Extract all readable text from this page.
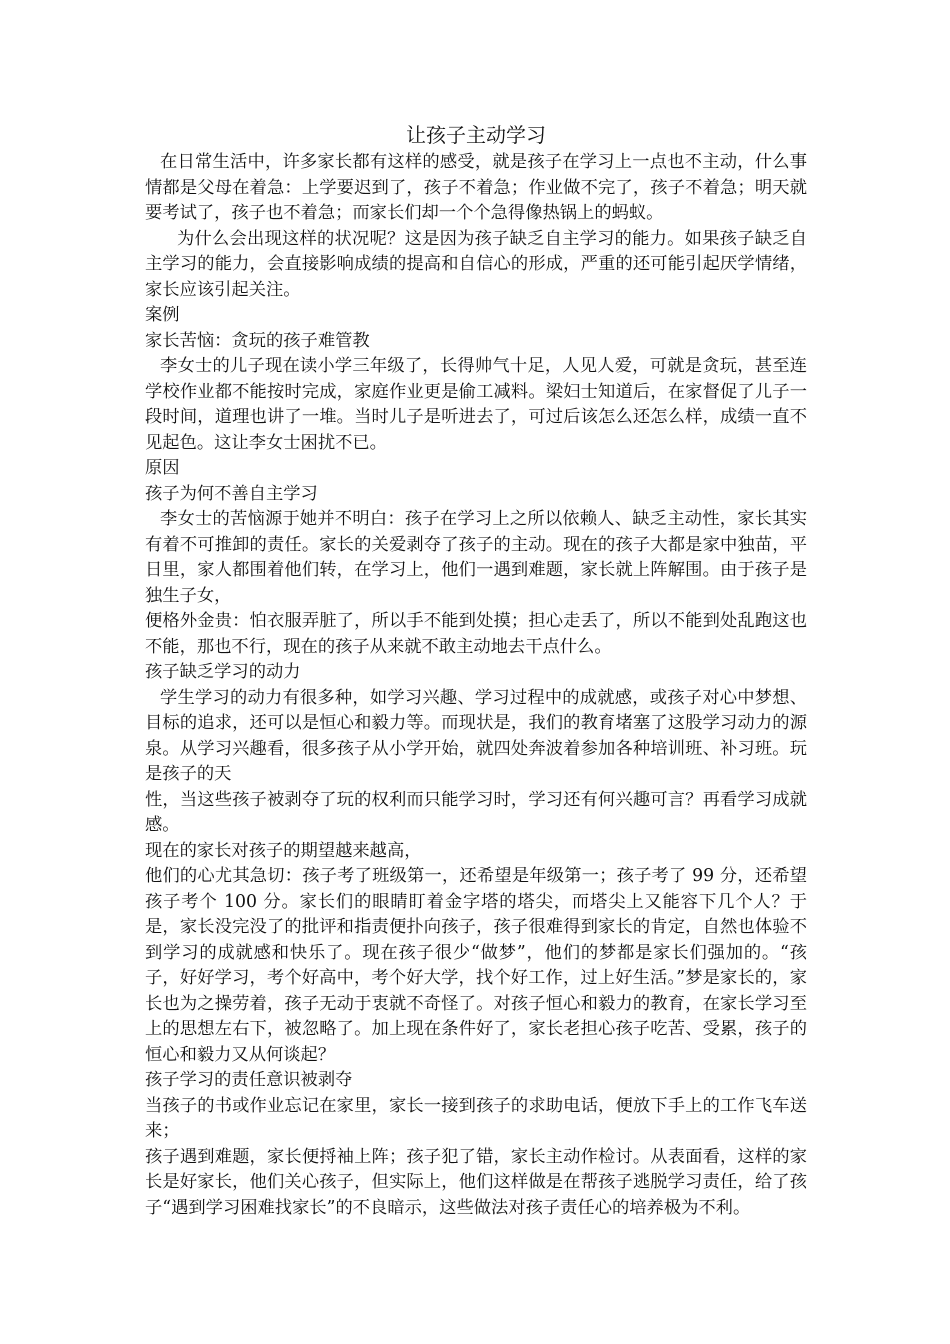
让孩子主动学习

在日常生活中，许多家长都有这样的感受，就是孩子在学习上一点也不主动，什么事情都是父母在着急：上学要迟到了，孩子不着急；作业做不完了，孩子不着急；明天就要考试了，孩子也不着急；而家长们却一个个急得像热锅上的蚂蚁。

为什么会出现这样的状况呢？这是因为孩子缺乏自主学习的能力。如果孩子缺乏自主学习的能力，会直接影响成绩的提高和自信心的形成，严重的还可能引起厌学情绪，家长应该引起关注。

案例

家长苦恼：贪玩的孩子难管教

李女士的儿子现在读小学三年级了，长得帅气十足，人见人爱，可就是贪玩，甚至连学校作业都不能按时完成，家庭作业更是偷工减料。梁妇士知道后，在家督促了儿子一段时间，道理也讲了一堆。当时儿子是听进去了，可过后该怎么还怎么样，成绩一直不见起色。这让李女士困扰不已。

原因

孩子为何不善自主学习

李女士的苦恼源于她并不明白：孩子在学习上之所以依赖人、缺乏主动性，家长其实有着不可推卸的责任。家长的关爱剥夺了孩子的主动。现在的孩子大都是家中独苗，平日里，家人都围着他们转，在学习上，他们一遇到难题，家长就上阵解围。由于孩子是独生子女，

便格外金贵：怕衣服弄脏了，所以手不能到处摸；担心走丢了，所以不能到处乱跑这也不能，那也不行，现在的孩子从来就不敢主动地去干点什么。

孩子缺乏学习的动力

学生学习的动力有很多种，如学习兴趣、学习过程中的成就感，或孩子对心中梦想、目标的追求，还可以是恒心和毅力等。而现状是，我们的教育堵塞了这股学习动力的源泉。从学习兴趣看，很多孩子从小学开始，就四处奔波着参加各种培训班、补习班。玩是孩子的天

性，当这些孩子被剥夺了玩的权利而只能学习时，学习还有何兴趣可言？再看学习成就感。

现在的家长对孩子的期望越来越高，

他们的心尤其急切：孩子考了班级第一，还希望是年级第一；孩子考了 99 分，还希望孩子考个 100 分。家长们的眼睛盯着金字塔的塔尖，而塔尖上又能容下几个人？于是，家长没完没了的批评和指责便扑向孩子，孩子很难得到家长的肯定，自然也体验不到学习的成就感和快乐了。现在孩子很少“做梦”，他们的梦都是家长们强加的。“孩子，好好学习，考个好高中，考个好大学，找个好工作，过上好生活。”梦是家长的，家长也为之操劳着，孩子无动于衷就不奇怪了。对孩子恒心和毅力的教育，在家长学习至上的思想左右下，被忽略了。加上现在条件好了，家长老担心孩子吃苦、受累，孩子的恒心和毅力又从何谈起？

孩子学习的责任意识被剥夺

当孩子的书或作业忘记在家里，家长一接到孩子的求助电话，便放下手上的工作飞车送来；

孩子遇到难题，家长便捋袖上阵；孩子犯了错，家长主动作检讨。从表面看，这样的家长是好家长，他们关心孩子，但实际上，他们这样做是在帮孩子逃脱学习责任，给了孩子“遇到学习困难找家长”的不良暗示，这些做法对孩子责任心的培养极为不利。
